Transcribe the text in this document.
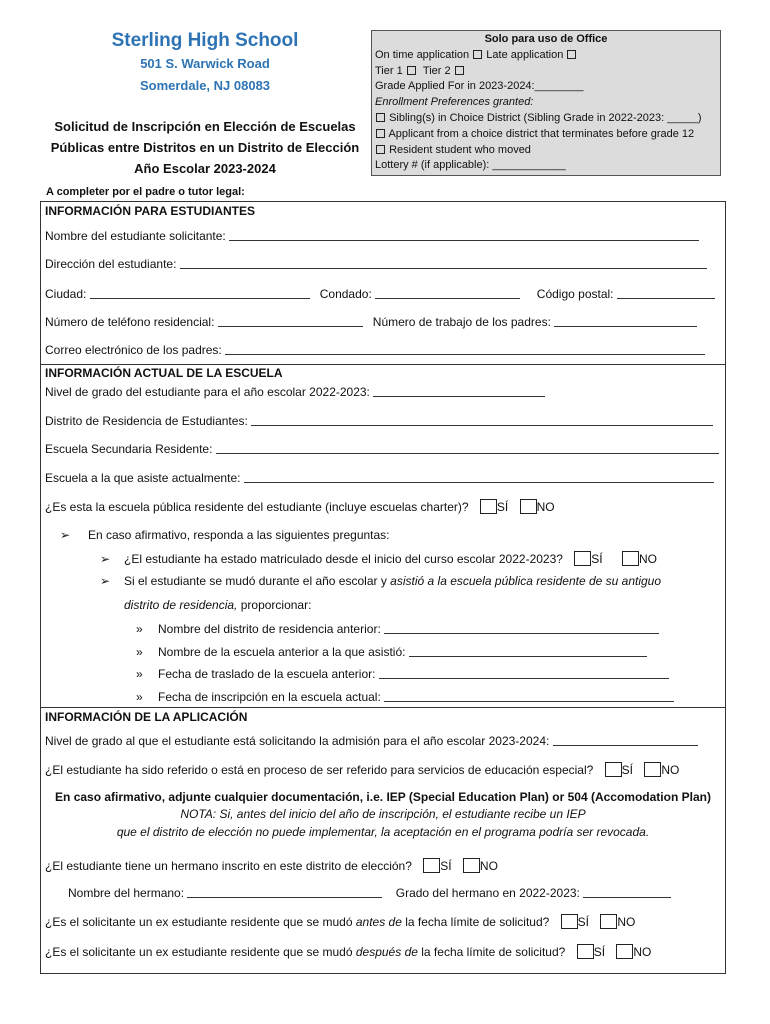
Sterling High School
501 S. Warwick Road
Somerdale, NJ 08083
Solicitud de Inscripción en Elección de Escuelas
Públicas entre Distritos en un Distrito de Elección
Año Escolar 2023-2024
Solo para uso de Office
On time application Late application
Tier 1 Tier 2
Grade Applied For in 2023-2024:________
Enrollment Preferences granted:
Sibling(s) in Choice District (Sibling Grade in 2022-2023: _____)
Applicant from a choice district that terminates before grade 12
Resident student who moved
Lottery # (if applicable): ____________
A completer por el padre o tutor legal:
INFORMACIÓN PARA ESTUDIANTES
Nombre del estudiante solicitante:
Dirección del estudiante:
Ciudad:	Condado:	Código postal:
Número de teléfono residencial:	Número de trabajo de los padres:
Correo electrónico de los padres:
INFORMACIÓN ACTUAL DE LA ESCUELA
Nivel de grado del estudiante para el año escolar 2022-2023:
Distrito de Residencia de Estudiantes:
Escuela Secundaria Residente:
Escuela a la que asiste actualmente:
¿Es esta la escuela pública residente del estudiante (incluye escuelas charter)? SÍ NO
➢ En caso afirmativo, responda a las siguientes preguntas:
➢ ¿El estudiante ha estado matriculado desde el inicio del curso escolar 2022-2023? SÍ	NO
➢ Si el estudiante se mudó durante el año escolar y asistió a la escuela pública residente de su antiguo
distrito de residencia, proporcionar:
» Nombre del distrito de residencia anterior:
» Nombre de la escuela anterior a la que asistió:
» Fecha de traslado de la escuela anterior:
» Fecha de inscripción en la escuela actual:
INFORMACIÓN DE LA APLICACIÓN
Nivel de grado al que el estudiante está solicitando la admisión para el año escolar 2023-2024:
¿El estudiante ha sido referido o está en proceso de ser referido para servicios de educación especial? SÍ NO
En caso afirmativo, adjunte cualquier documentación, i.e. IEP (Special Education Plan) or 504 (Accomodation Plan)
NOTA: Si, antes del inicio del año de inscripción, el estudiante recibe un IEP
que el distrito de elección no puede implementar, la aceptación en el programa podría ser revocada.
¿El estudiante tiene un hermano inscrito en este distrito de elección? SÍ NO
Nombre del hermano:	Grado del hermano en 2022-2023:
¿Es el solicitante un ex estudiante residente que se mudó antes de la fecha límite de solicitud? SÍ NO
¿Es el solicitante un ex estudiante residente que se mudó después de la fecha límite de solicitud? SÍ NO
